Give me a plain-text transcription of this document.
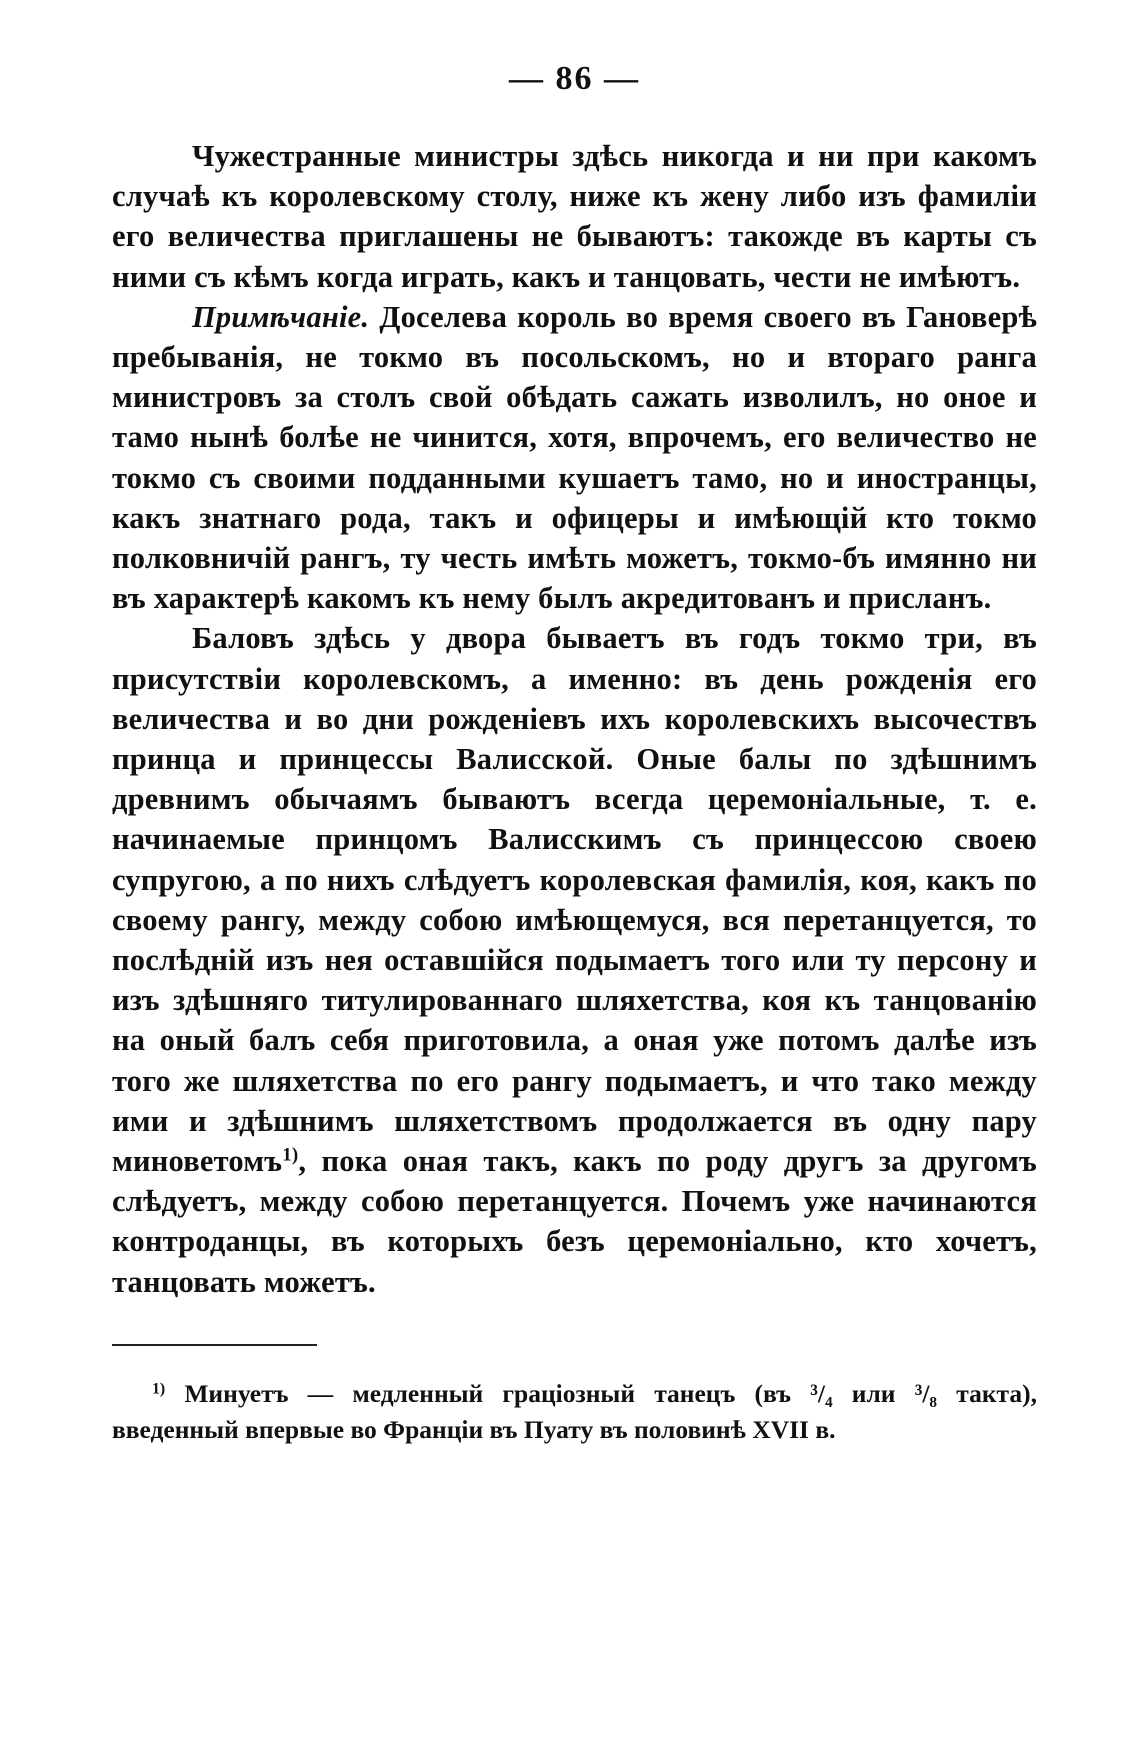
— 86 —

Чужестранные министры здѣсь никогда и ни при какомъ случаѣ къ королевскому столу, ниже къ жену либо изъ фамиліи его величества приглашены не бываютъ: такожде въ карты съ ними съ кѣмъ когда играть, какъ и танцовать, чести не имѣютъ.

Примѣчаніе. Доселева король во время своего въ Гановерѣ пребыванія, не токмо въ посольскомъ, но и втораго ранга министровъ за столъ свой обѣдать сажать изволилъ, но оное и тамо нынѣ болѣе не чинится, хотя, впрочемъ, его величество не токмо съ своими подданными кушаетъ тамо, но и иностранцы, какъ знатнаго рода, такъ и офицеры и имѣющій кто токмо полковничій рангъ, ту честь имѣть можетъ, токмо-бъ имянно ни въ характерѣ какомъ къ нему былъ акредитованъ и присланъ.

Баловъ здѣсь у двора бываетъ въ годъ токмо три, въ присутствіи королевскомъ, а именно: въ день рожденія его величества и во дни рожденіевъ ихъ королевскихъ высочествъ принца и принцессы Валисской. Оные балы по здѣшнимъ древнимъ обычаямъ бываютъ всегда церемоніальные, т. е. начинаемые принцомъ Валисскимъ съ принцессою своею супругою, а по нихъ слѣдуетъ королевская фамилія, коя, какъ по своему рангу, между собою имѣющемуся, вся перетанцуется, то послѣдній изъ нея оставшійся подымаетъ того или ту персону и изъ здѣшняго титулированнаго шляхетства, коя къ танцованію на оный балъ себя приготовила, а оная уже потомъ далѣе изъ того же шляхетства по его рангу подымаетъ, и что тако между ими и здѣшнимъ шляхетствомъ продолжается въ одну пару миноветомъ$^{1)}$, пока оная такъ, какъ по роду другъ за другомъ слѣдуетъ, между собою перетанцуется. Почемъ уже начинаются контроданцы, въ которыхъ безъ церемоніально, кто хочетъ, танцовать можетъ.

$^{1)}$ Минуетъ — медленный граціозный танецъ (въ ³/₄ или ³/₈ такта), введенный впервые во Франціи въ Пуату въ половинѣ XVII в.
